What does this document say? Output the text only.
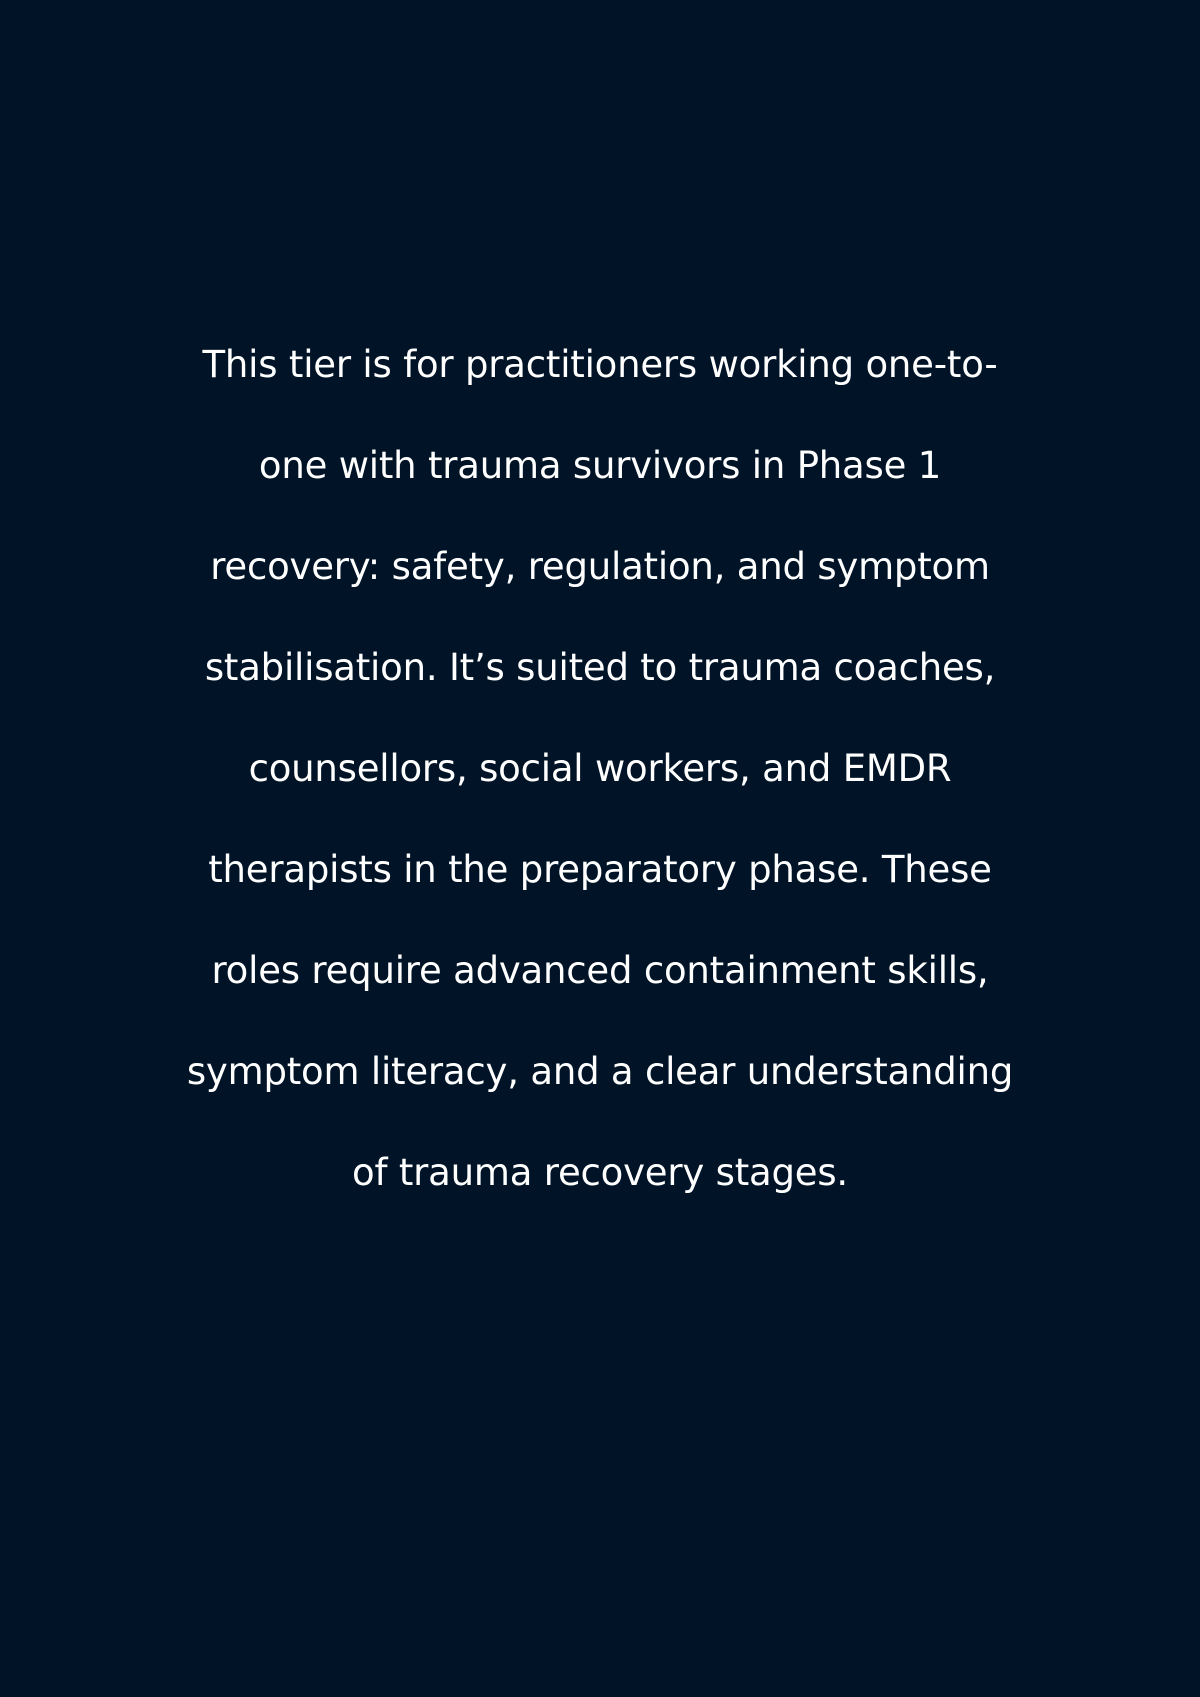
This tier is for practitioners working one-to-
one with trauma survivors in Phase 1
recovery: safety, regulation, and symptom
stabilisation. It’s suited to trauma coaches,
counsellors, social workers, and EMDR
therapists in the preparatory phase. These
roles require advanced containment skills,
symptom literacy, and a clear understanding
of trauma recovery stages.
